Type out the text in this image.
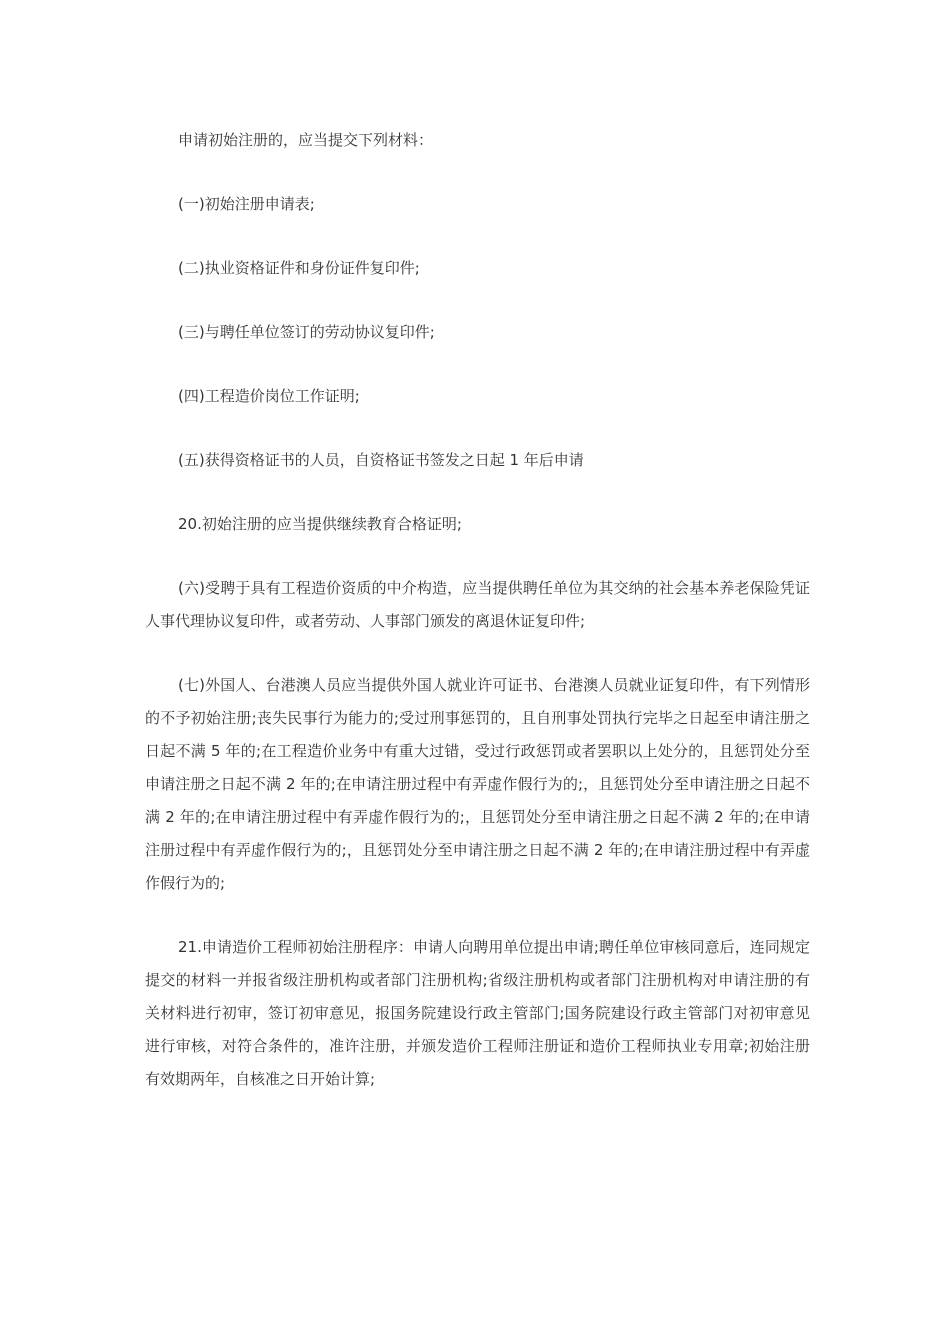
申请初始注册的，应当提交下列材料：

(一)初始注册申请表;

(二)执业资格证件和身份证件复印件;

(三)与聘任单位签订的劳动协议复印件;

(四)工程造价岗位工作证明;

(五)获得资格证书的人员，自资格证书签发之日起 1 年后申请

20.初始注册的应当提供继续教育合格证明;

(六)受聘于具有工程造价资质的中介构造，应当提供聘任单位为其交纳的社会基本养老保险凭证人事代理协议复印件，或者劳动、人事部门颁发的离退休证复印件;

(七)外国人、台港澳人员应当提供外国人就业许可证书、台港澳人员就业证复印件，有下列情形的不予初始注册;丧失民事行为能力的;受过刑事惩罚的，且自刑事处罚执行完毕之日起至申请注册之日起不满 5 年的;在工程造价业务中有重大过错，受过行政惩罚或者罢职以上处分的，且惩罚处分至申请注册之日起不满 2 年的;在申请注册过程中有弄虚作假行为的;，且惩罚处分至申请注册之日起不满 2 年的;在申请注册过程中有弄虚作假行为的;，且惩罚处分至申请注册之日起不满 2 年的;在申请注册过程中有弄虚作假行为的;，且惩罚处分至申请注册之日起不满 2 年的;在申请注册过程中有弄虚作假行为的;

21.申请造价工程师初始注册程序：申请人向聘用单位提出申请;聘任单位审核同意后，连同规定提交的材料一并报省级注册机构或者部门注册机构;省级注册机构或者部门注册机构对申请注册的有关材料进行初审，签订初审意见，报国务院建设行政主管部门;国务院建设行政主管部门对初审意见进行审核，对符合条件的，准许注册，并颁发造价工程师注册证和造价工程师执业专用章;初始注册有效期两年，自核准之日开始计算;
